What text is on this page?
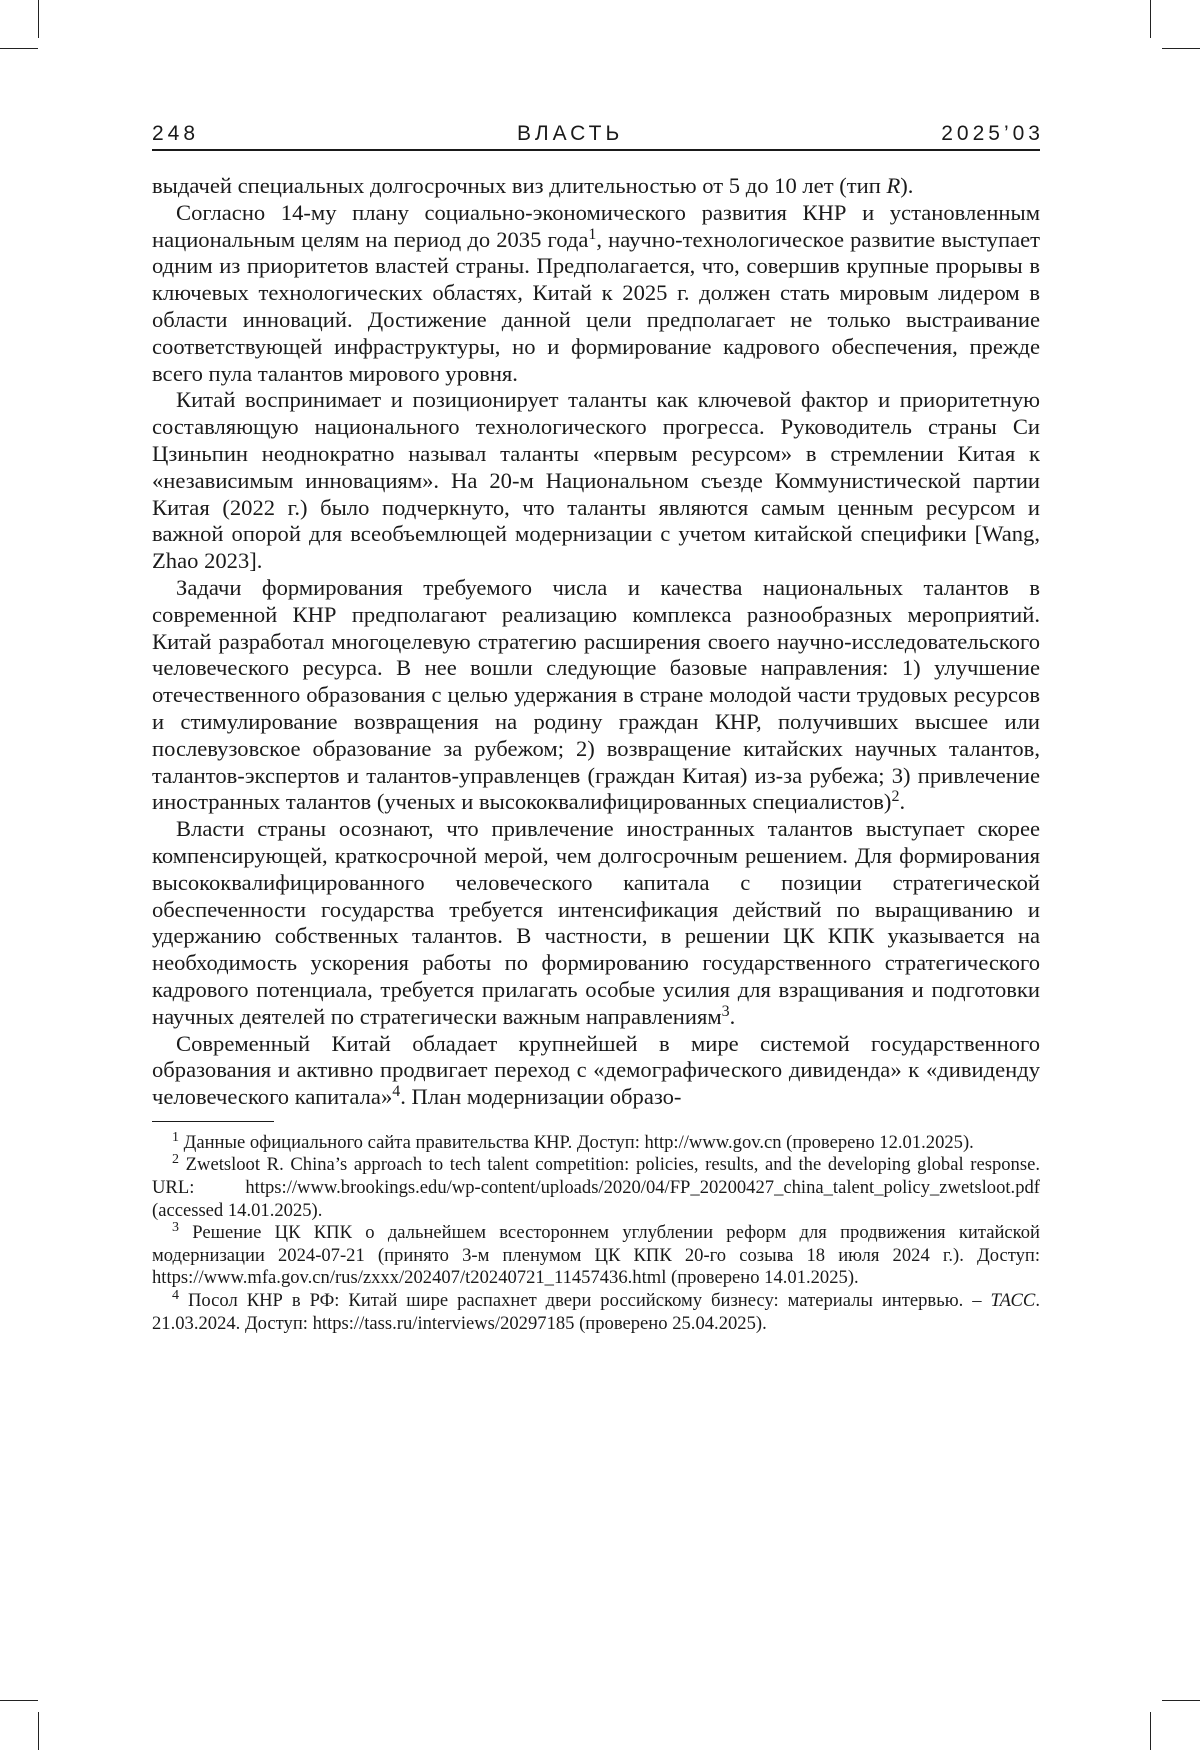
248	ВЛАСТЬ	2025’03

выдачей специальных долгосрочных виз длительностью от 5 до 10 лет (тип R).

Согласно 14-му плану социально-экономического развития КНР и установленным национальным целям на период до 2035 года$^1$, научно-технологическое развитие выступает одним из приоритетов властей страны. Предполагается, что, совершив крупные прорывы в ключевых технологических областях, Китай к 2025 г. должен стать мировым лидером в области инноваций. Достижение данной цели предполагает не только выстраивание соответствующей инфраструктуры, но и формирование кадрового обеспечения, прежде всего пула талантов мирового уровня.

Китай воспринимает и позиционирует таланты как ключевой фактор и приоритетную составляющую национального технологического прогресса. Руководитель страны Си Цзиньпин неоднократно называл таланты «первым ресурсом» в стремлении Китая к «независимым инновациям». На 20-м Национальном съезде Коммунистической партии Китая (2022 г.) было подчеркнуто, что таланты являются самым ценным ресурсом и важной опорой для всеобъемлющей модернизации с учетом китайской специфики [Wang, Zhao 2023].

Задачи формирования требуемого числа и качества национальных талантов в современной КНР предполагают реализацию комплекса разнообразных мероприятий. Китай разработал многоцелевую стратегию расширения своего научно-исследовательского человеческого ресурса. В нее вошли следующие базовые направления: 1) улучшение отечественного образования с целью удержания в стране молодой части трудовых ресурсов и стимулирование возвращения на родину граждан КНР, получивших высшее или послевузовское образование за рубежом; 2) возвращение китайских научных талантов, талантов-экспертов и талантов-управленцев (граждан Китая) из-за рубежа; 3) привлечение иностранных талантов (ученых и высококвалифицированных специалистов)$^2$.

Власти страны осознают, что привлечение иностранных талантов выступает скорее компенсирующей, краткосрочной мерой, чем долгосрочным решением. Для формирования высококвалифицированного человеческого капитала с позиции стратегической обеспеченности государства требуется интенсификация действий по выращиванию и удержанию собственных талантов. В частности, в решении ЦК КПК указывается на необходимость ускорения работы по формированию государственного стратегического кадрового потенциала, требуется прилагать особые усилия для взращивания и подготовки научных деятелей по стратегически важным направлениям$^3$.

Современный Китай обладает крупнейшей в мире системой государственного образования и активно продвигает переход с «демографического дивиденда» к «дивиденду человеческого капитала»$^4$. План модернизации образо-

$^1$ Данные официального сайта правительства КНР. Доступ: http://www.gov.cn (проверено 12.01.2025).

$^2$ Zwetsloot R. China’s approach to tech talent competition: policies, results, and the developing global response. URL: https://www.brookings.edu/wp-content/uploads/2020/04/FP_20200427_china_talent_policy_zwetsloot.pdf (accessed 14.01.2025).

$^3$ Решение ЦК КПК о дальнейшем всестороннем углублении реформ для продвижения китайской модернизации 2024-07-21 (принято 3-м пленумом ЦК КПК 20-го созыва 18 июля 2024 г.). Доступ: https://www.mfa.gov.cn/rus/zxxx/202407/t20240721_11457436.html (проверено 14.01.2025).

$^4$ Посол КНР в РФ: Китай шире распахнет двери российскому бизнесу: материалы интервью. – ТАСС. 21.03.2024. Доступ: https://tass.ru/interviews/20297185 (проверено 25.04.2025).
